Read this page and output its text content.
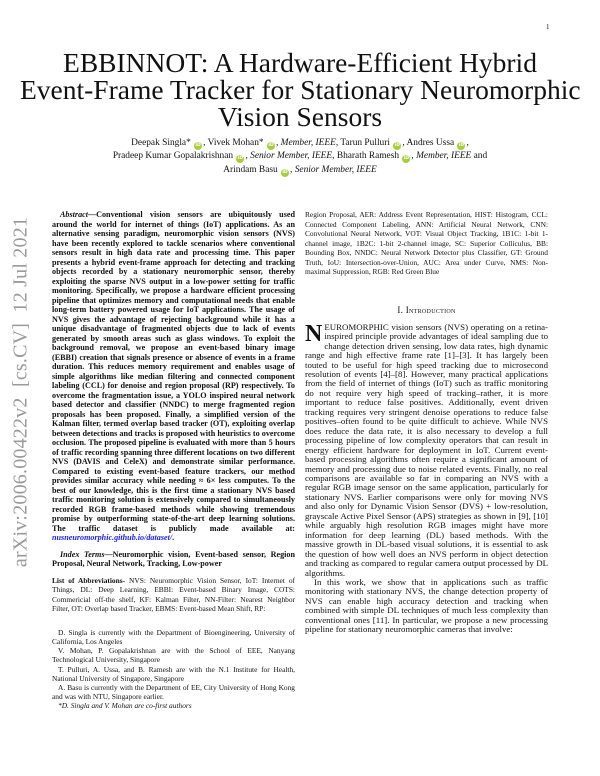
1
arXiv:2006.00422v2  [cs.CV]  12 Jul 2021
EBBINNOT: A Hardware-Efficient Hybrid
Event-Frame Tracker for Stationary Neuromorphic
Vision Sensors
Deepak Singla* iD , Vivek Mohan* iD , Member, IEEE, Tarun Pulluri iD , Andres Ussa iD ,
Pradeep Kumar Gopalakrishnan iD , Senior Member, IEEE, Bharath Ramesh iD , Member, IEEE and
Arindam Basu iD , Senior Member, IEEE

Abstract—Conventional vision sensors are ubiquitously used around the world for internet of things (IoT) applications. As an alternative sensing paradigm, neuromorphic vision sensors (NVS) have been recently explored to tackle scenarios where conventional sensors result in high data rate and processing time. This paper presents a hybrid event-frame approach for detecting and tracking objects recorded by a stationary neuromorphic sensor, thereby exploiting the sparse NVS output in a low-power setting for traffic monitoring. Specifically, we propose a hardware efficient processing pipeline that optimizes memory and computational needs that enable long-term battery powered usage for IoT applications. The usage of NVS gives the advantage of rejecting background while it has a unique disadvantage of fragmented objects due to lack of events generated by smooth areas such as glass windows. To exploit the background removal, we propose an event-based binary image (EBBI) creation that signals presence or absence of events in a frame duration. This reduces memory requirement and enables usage of simple algorithms like median filtering and connected component labeling (CCL) for denoise and region proposal (RP) respectively. To overcome the fragmentation issue, a YOLO inspired neural network based detector and classifier (NNDC) to merge fragmented region proposals has been proposed. Finally, a simplified version of the Kalman filter, termed overlap based tracker (OT), exploiting overlap between detections and tracks is proposed with heuristics to overcome occlusion. The proposed pipeline is evaluated with more than 5 hours of traffic recording spanning three different locations on two different NVS (DAVIS and CeleX) and demonstrate similar performance. Compared to existing event-based feature trackers, our method provides similar accuracy while needing ≈ 6× less computes. To the best of our knowledge, this is the first time a stationary NVS based traffic monitoring solution is extensively compared to simultaneously recorded RGB frame-based methods while showing tremendous promise by outperforming state-of-the-art deep learning solutions. The traffic dataset is publicly made available at: nusneuromorphic.github.io/dataset/.

Index Terms—Neuromorphic vision, Event-based sensor, Region Proposal, Neural Network, Tracking, Low-power

List of Abbreviations- NVS: Neuromorphic Vision Sensor, IoT: Internet of Things, DL: Deep Learning, EBBI: Event-based Binary Image, COTS: Commericial off-the shelf, KF: Kalman Filter, NN-Filter: Nearest Neighbor Filter, OT: Overlap based Tracker, EBMS: Event-based Mean Shift, RP:

D. Singla is currently with the Department of Bioengineering, University of California, Los Angeles

V. Mohan, P. Gopalakrishnan are with the School of EEE, Nanyang Technological University, Singapore

T. Pulluri, A. Ussa, and B. Ramesh are with the N.1 Institute for Health, National University of Singapore, Singapore

A. Basu is currently with the Department of EE, City University of Hong Kong and was with NTU, Singapore earlier.

*D. Singla and V. Mohan are co-first authors

Region Proposal, AER: Address Event Representation, HIST: Histogram, CCL: Connected Component Labeling, ANN: Artificial Neural Network, CNN: Convolutional Neural Network, VOT: Visual Object Tracking, 1B1C: 1-bit 1-channel image, 1B2C: 1-bit 2-channel image, SC: Superior Colliculus, BB: Bounding Box, NNDC: Neural Network Detector plus Classifier, GT: Ground Truth, IoU: Intersection-over-Union, AUC: Area under Curve, NMS: Non-maximal Suppression, RGB: Red Green Blue

I. Introduction

NEUROMORPHIC vision sensors (NVS) operating on a retina-inspired principle provide advantages of ideal sampling due to change detection driven sensing, low data rates, high dynamic range and high effective frame rate [1]–[3]. It has largely been touted to be useful for high speed tracking due to microsecond resolution of events [4]–[8]. However, many practical applications from the field of internet of things (IoT) such as traffic monitoring do not require very high speed of tracking–rather, it is more important to reduce false positives. Additionally, event driven tracking requires very stringent denoise operations to reduce false positives–often found to be quite difficult to achieve. While NVS does reduce the data rate, it is also necessary to develop a full processing pipeline of low complexity operators that can result in energy efficient hardware for deployment in IoT. Current event-based processing algorithms often require a significant amount of memory and processing due to noise related events. Finally, no real comparisons are available so far in comparing an NVS with a regular RGB image sensor on the same application, particularly for stationary NVS. Earlier comparisons were only for moving NVS and also only for Dynamic Vision Sensor (DVS) + low-resolution, grayscale Active Pixel Sensor (APS) strategies as shown in [9], [10] while arguably high resolution RGB images might have more information for deep learning (DL) based methods. With the massive growth in DL-based visual solutions, it is essential to ask the question of how well does an NVS perform in object detection and tracking as compared to regular camera output processed by DL algorithms.

In this work, we show that in applications such as traffic monitoring with stationary NVS, the change detection property of NVS can enable high accuracy detection and tracking when combined with simple DL techniques of much less complexity than conventional ones [11]. In particular, we propose a new processing pipeline for stationary neuromorphic cameras that involve:
